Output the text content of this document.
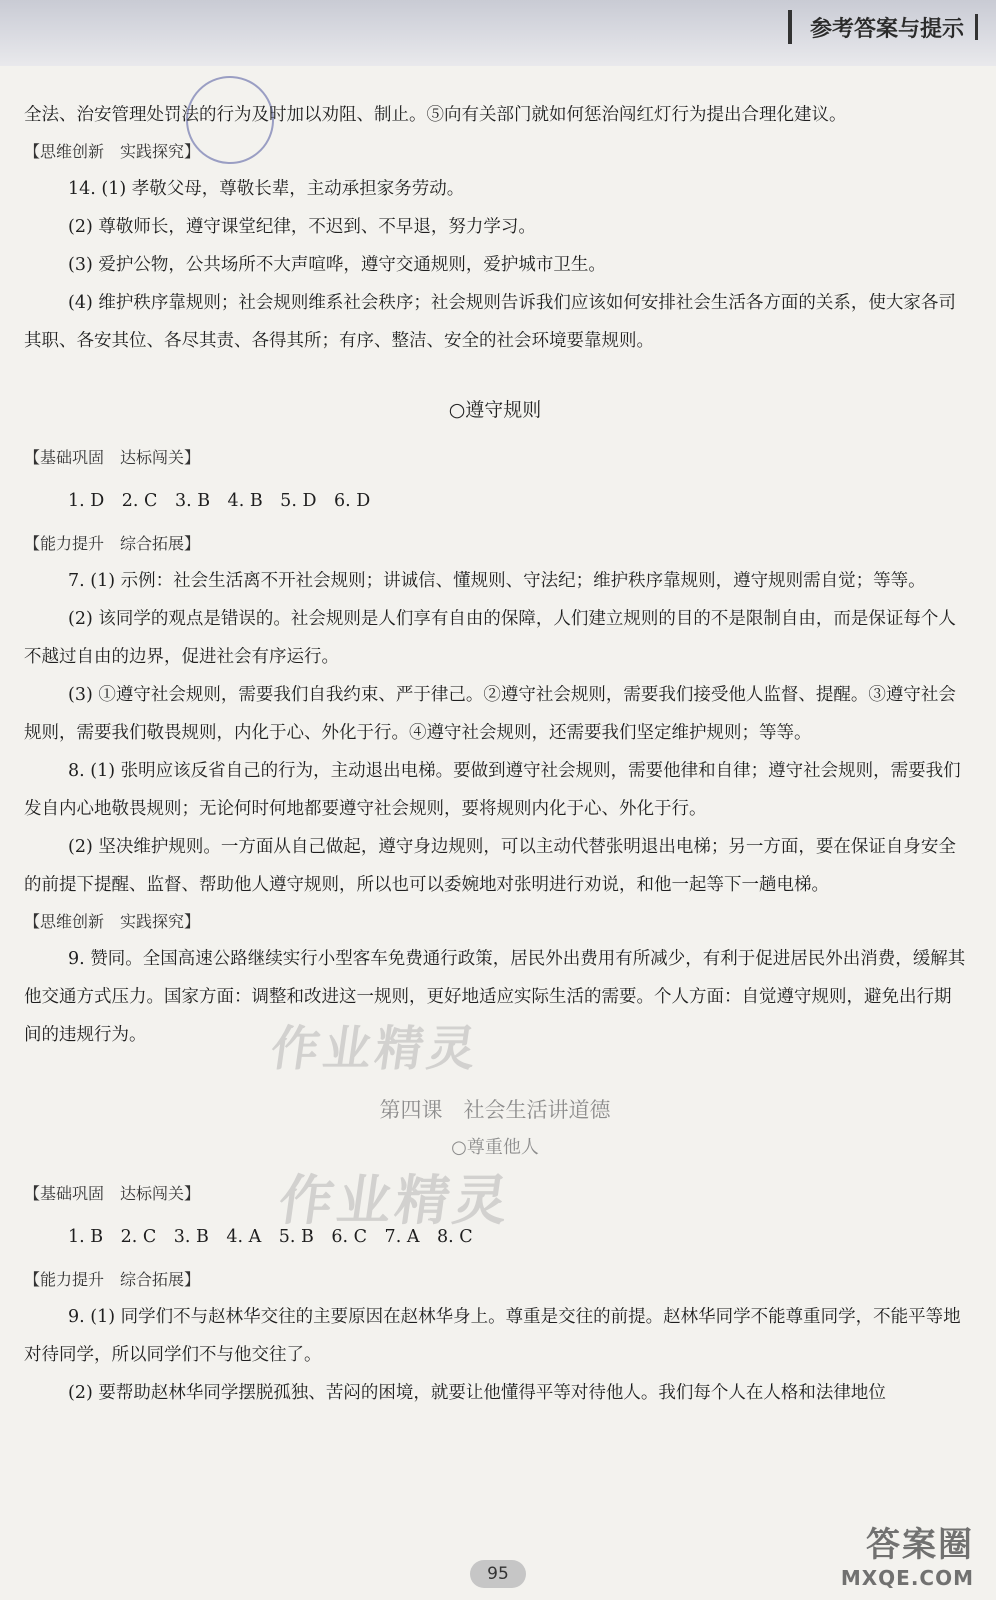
参考答案与提示

全法、治安管理处罚法的行为及时加以劝阻、制止。⑤向有关部门就如何惩治闯红灯行为提出合理化建议。

【思维创新　实践探究】

14. (1) 孝敬父母，尊敬长辈，主动承担家务劳动。

(2) 尊敬师长，遵守课堂纪律，不迟到、不早退，努力学习。

(3) 爱护公物，公共场所不大声喧哗，遵守交通规则，爱护城市卫生。

(4) 维护秩序靠规则；社会规则维系社会秩序；社会规则告诉我们应该如何安排社会生活各方面的关系，使大家各司其职、各安其位、各尽其责、各得其所；有序、整洁、安全的社会环境要靠规则。

○遵守规则

【基础巩固　达标闯关】

1. D　2. C　3. B　4. B　5. D　6. D

【能力提升　综合拓展】

7. (1) 示例：社会生活离不开社会规则；讲诚信、懂规则、守法纪；维护秩序靠规则，遵守规则需自觉；等等。

(2) 该同学的观点是错误的。社会规则是人们享有自由的保障，人们建立规则的目的不是限制自由，而是保证每个人不越过自由的边界，促进社会有序运行。

(3) ①遵守社会规则，需要我们自我约束、严于律己。②遵守社会规则，需要我们接受他人监督、提醒。③遵守社会规则，需要我们敬畏规则，内化于心、外化于行。④遵守社会规则，还需要我们坚定维护规则；等等。

8. (1) 张明应该反省自己的行为，主动退出电梯。要做到遵守社会规则，需要他律和自律；遵守社会规则，需要我们发自内心地敬畏规则；无论何时何地都要遵守社会规则，要将规则内化于心、外化于行。

(2) 坚决维护规则。一方面从自己做起，遵守身边规则，可以主动代替张明退出电梯；另一方面，要在保证自身安全的前提下提醒、监督、帮助他人遵守规则，所以也可以委婉地对张明进行劝说，和他一起等下一趟电梯。

【思维创新　实践探究】

9. 赞同。全国高速公路继续实行小型客车免费通行政策，居民外出费用有所减少，有利于促进居民外出消费，缓解其他交通方式压力。国家方面：调整和改进这一规则，更好地适应实际生活的需要。个人方面：自觉遵守规则，避免出行期间的违规行为。

第四课　社会生活讲道德

○尊重他人

【基础巩固　达标闯关】

1. B　2. C　3. B　4. A　5. B　6. C　7. A　8. C

【能力提升　综合拓展】

9. (1) 同学们不与赵林华交往的主要原因在赵林华身上。尊重是交往的前提。赵林华同学不能尊重同学，不能平等地对待同学，所以同学们不与他交往了。

(2) 要帮助赵林华同学摆脱孤独、苦闷的困境，就要让他懂得平等对待他人。我们每个人在人格和法律地位

作业精灵
作业精灵
答案圈
MXQE.COM
95
